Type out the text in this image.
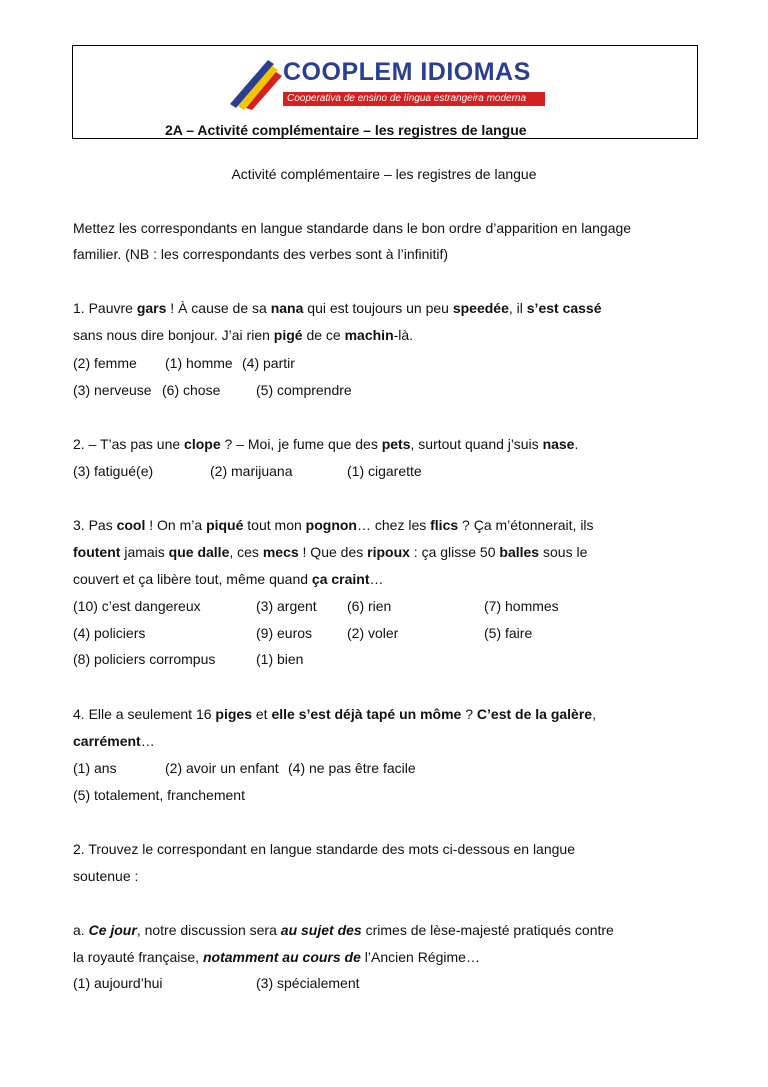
COOPLEM IDIOMAS
Cooperativa de ensino de língua estrangeira moderna
2A – Activité complémentaire – les registres de langue
Activité complémentaire – les registres de langue
Mettez les correspondants en langue standarde dans le bon ordre d’apparition en langage
familier. (NB : les correspondants des verbes sont à l’infinitif)
1. Pauvre gars ! À cause de sa nana qui est toujours un peu speedée, il s’est cassé
sans nous dire bonjour. J’ai rien pigé de ce machin-là.
(2) femme (1) homme (4) partir
(3) nerveuse (6) chose	(5) comprendre
2. – T’as pas une clope ? – Moi, je fume que des pets, surtout quand j’suis nase.
(3) fatigué(e)	(2) marijuana	(1) cigarette
3. Pas cool ! On m’a piqué tout mon pognon… chez les flics ? Ça m’étonnerait, ils
foutent jamais que dalle, ces mecs ! Que des ripoux : ça glisse 50 balles sous le
couvert et ça libère tout, même quand ça craint…
(10) c’est dangereux	(3) argent (6) rien	(7) hommes
(4) policiers	(9) euros (2) voler	(5) faire
(8) policiers corrompus	(1) bien
4. Elle a seulement 16 piges et elle s’est déjà tapé un môme ? C’est de la galère,
carrément…
(1) ans	(2) avoir un enfant (4) ne pas être facile
(5) totalement, franchement
2. Trouvez le correspondant en langue standarde des mots ci-dessous en langue
soutenue :
a. Ce jour, notre discussion sera au sujet des crimes de lèse-majesté pratiqués contre
la royauté française, notamment au cours de l’Ancien Régime…
(1) aujourd’hui	(3) spécialement
